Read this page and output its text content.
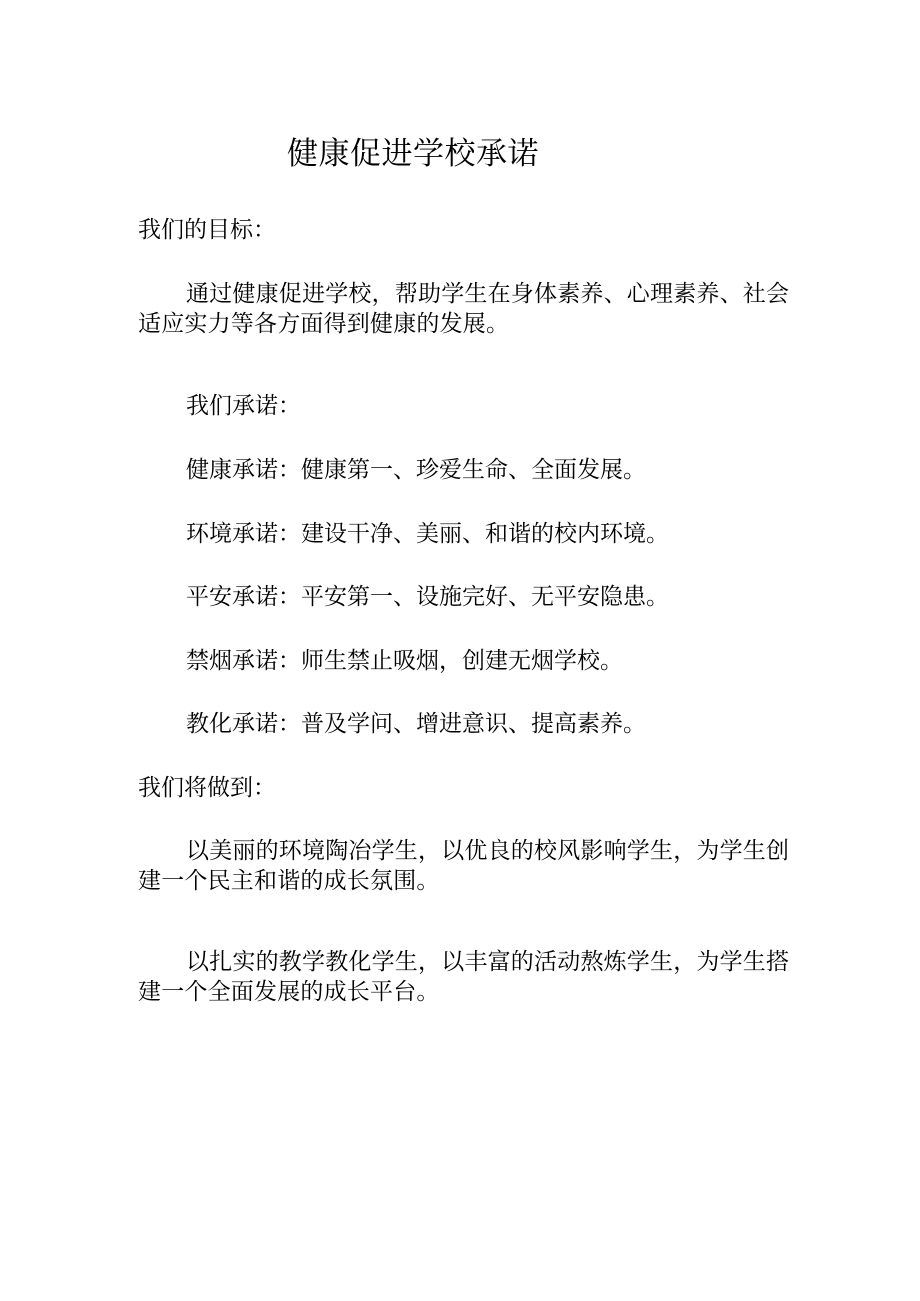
健康促进学校承诺
我们的目标：
通过健康促进学校，帮助学生在身体素养、心理素养、社会适应实力等各方面得到健康的发展。
我们承诺：
健康承诺：健康第一、珍爱生命、全面发展。
环境承诺：建设干净、美丽、和谐的校内环境。
平安承诺：平安第一、设施完好、无平安隐患。
禁烟承诺：师生禁止吸烟，创建无烟学校。
教化承诺：普及学问、增进意识、提高素养。
我们将做到：
以美丽的环境陶冶学生，以优良的校风影响学生，为学生创建一个民主和谐的成长氛围。
以扎实的教学教化学生，以丰富的活动熬炼学生，为学生搭建一个全面发展的成长平台。
